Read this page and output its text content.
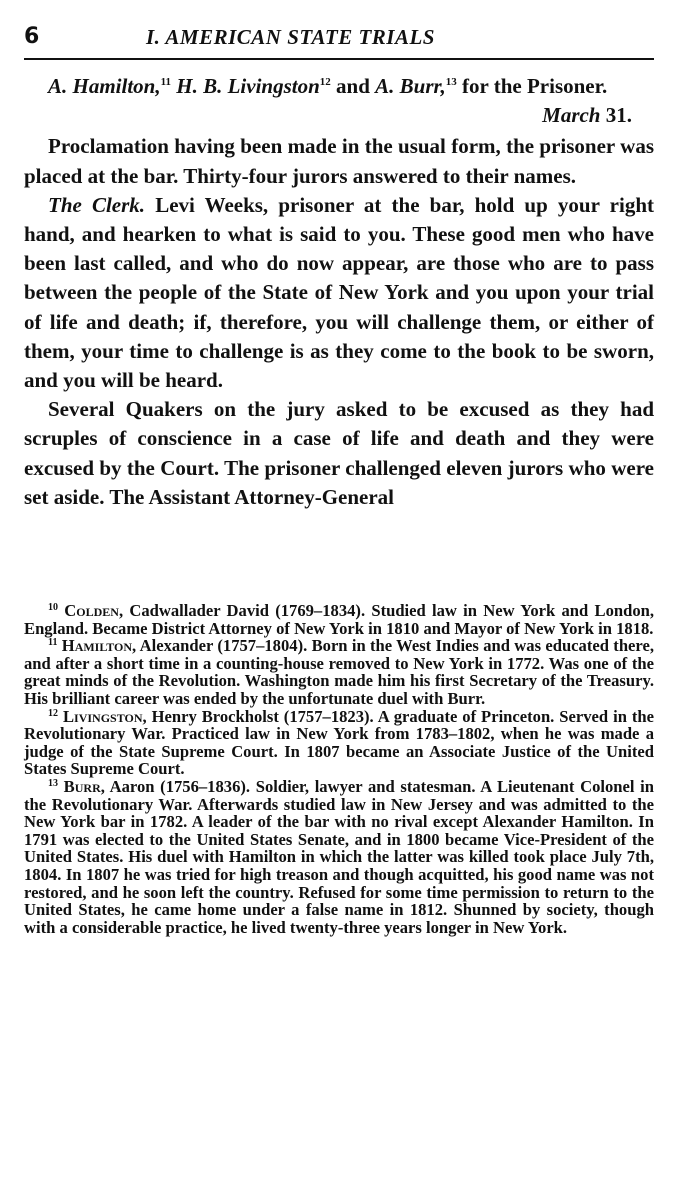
6	I. AMERICAN STATE TRIALS

A. Hamilton,$^{11}$ H. B. Livingston$^{12}$ and A. Burr,$^{13}$ for the Prisoner.

March 31.

Proclamation having been made in the usual form, the prisoner was placed at the bar. Thirty-four jurors answered to their names.

The Clerk. Levi Weeks, prisoner at the bar, hold up your right hand, and hearken to what is said to you. These good men who have been last called, and who do now appear, are those who are to pass between the people of the State of New York and you upon your trial of life and death; if, therefore, you will challenge them, or either of them, your time to challenge is as they come to the book to be sworn, and you will be heard.

Several Quakers on the jury asked to be excused as they had scruples of conscience in a case of life and death and they were excused by the Court. The prisoner challenged eleven jurors who were set aside. The Assistant Attorney-General

$^{10}$ Colden, Cadwallader David (1769–1834). Studied law in New York and London, England. Became District Attorney of New York in 1810 and Mayor of New York in 1818.

$^{11}$ Hamilton, Alexander (1757–1804). Born in the West Indies and was educated there, and after a short time in a counting-house removed to New York in 1772. Was one of the great minds of the Revolution. Washington made him his first Secretary of the Treasury. His brilliant career was ended by the unfortunate duel with Burr.

$^{12}$ Livingston, Henry Brockholst (1757–1823). A graduate of Princeton. Served in the Revolutionary War. Practiced law in New York from 1783–1802, when he was made a judge of the State Supreme Court. In 1807 became an Associate Justice of the United States Supreme Court.

$^{13}$ Burr, Aaron (1756–1836). Soldier, lawyer and statesman. A Lieutenant Colonel in the Revolutionary War. Afterwards studied law in New Jersey and was admitted to the New York bar in 1782. A leader of the bar with no rival except Alexander Hamilton. In 1791 was elected to the United States Senate, and in 1800 became Vice-President of the United States. His duel with Hamilton in which the latter was killed took place July 7th, 1804. In 1807 he was tried for high treason and though acquitted, his good name was not restored, and he soon left the country. Refused for some time permission to return to the United States, he came home under a false name in 1812. Shunned by society, though with a considerable practice, he lived twenty-three years longer in New York.
